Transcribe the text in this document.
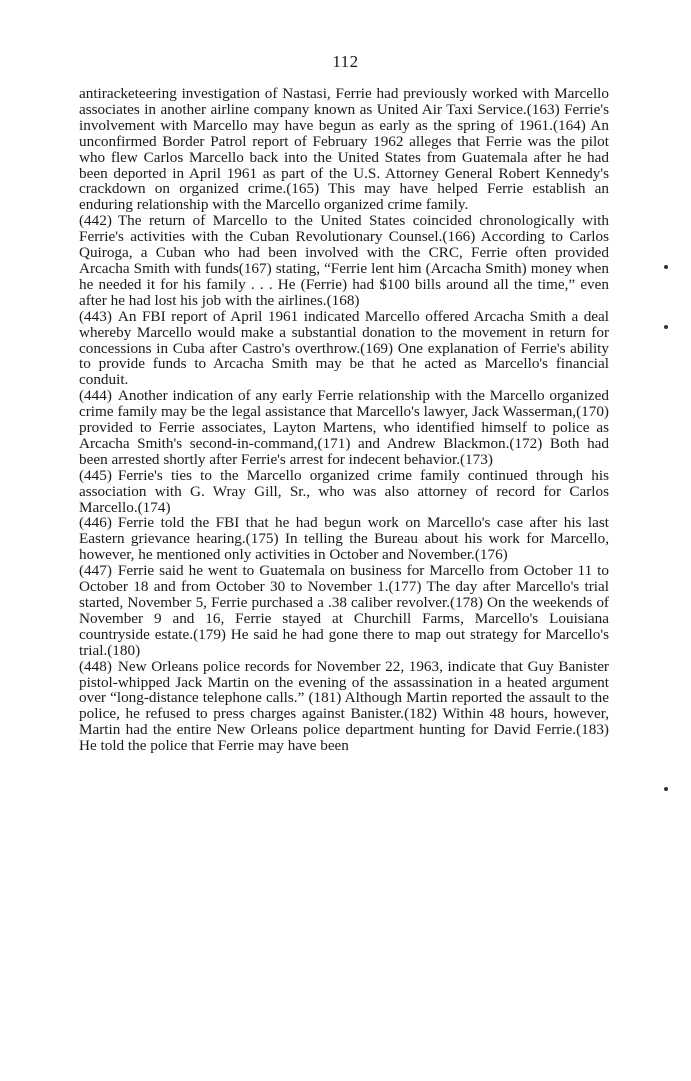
112

antiracketeering investigation of Nastasi, Ferrie had previously worked with Marcello associates in another airline company known as United Air Taxi Service.(163) Ferrie's involvement with Marcello may have begun as early as the spring of 1961.(164) An unconfirmed Border Patrol report of February 1962 alleges that Ferrie was the pilot who flew Carlos Marcello back into the United States from Guatemala after he had been deported in April 1961 as part of the U.S. Attorney General Robert Kennedy's crackdown on organized crime.(165) This may have helped Ferrie establish an enduring relationship with the Marcello organized crime family.

(442) The return of Marcello to the United States coincided chronologically with Ferrie's activities with the Cuban Revolutionary Counsel.(166) According to Carlos Quiroga, a Cuban who had been involved with the CRC, Ferrie often provided Arcacha Smith with funds(167) stating, “Ferrie lent him (Arcacha Smith) money when he needed it for his family . . . He (Ferrie) had $100 bills around all the time,” even after he had lost his job with the airlines.(168)

(443) An FBI report of April 1961 indicated Marcello offered Arcacha Smith a deal whereby Marcello would make a substantial donation to the movement in return for concessions in Cuba after Castro's overthrow.(169) One explanation of Ferrie's ability to provide funds to Arcacha Smith may be that he acted as Marcello's financial conduit.

(444) Another indication of any early Ferrie relationship with the Marcello organized crime family may be the legal assistance that Marcello's lawyer, Jack Wasserman,(170) provided to Ferrie associates, Layton Martens, who identified himself to police as Arcacha Smith's second-in-command,(171) and Andrew Blackmon.(172) Both had been arrested shortly after Ferrie's arrest for indecent behavior.(173)

(445) Ferrie's ties to the Marcello organized crime family continued through his association with G. Wray Gill, Sr., who was also attorney of record for Carlos Marcello.(174)

(446) Ferrie told the FBI that he had begun work on Marcello's case after his last Eastern grievance hearing.(175) In telling the Bureau about his work for Marcello, however, he mentioned only activities in October and November.(176)

(447) Ferrie said he went to Guatemala on business for Marcello from October 11 to October 18 and from October 30 to November 1.(177) The day after Marcello's trial started, November 5, Ferrie purchased a .38 caliber revolver.(178) On the weekends of November 9 and 16, Ferrie stayed at Churchill Farms, Marcello's Louisiana countryside estate.(179) He said he had gone there to map out strategy for Marcello's trial.(180)

(448) New Orleans police records for November 22, 1963, indicate that Guy Banister pistol-whipped Jack Martin on the evening of the assassination in a heated argument over “long-distance telephone calls.” (181) Although Martin reported the assault to the police, he refused to press charges against Banister.(182) Within 48 hours, however, Martin had the entire New Orleans police department hunting for David Ferrie.(183) He told the police that Ferrie may have been
